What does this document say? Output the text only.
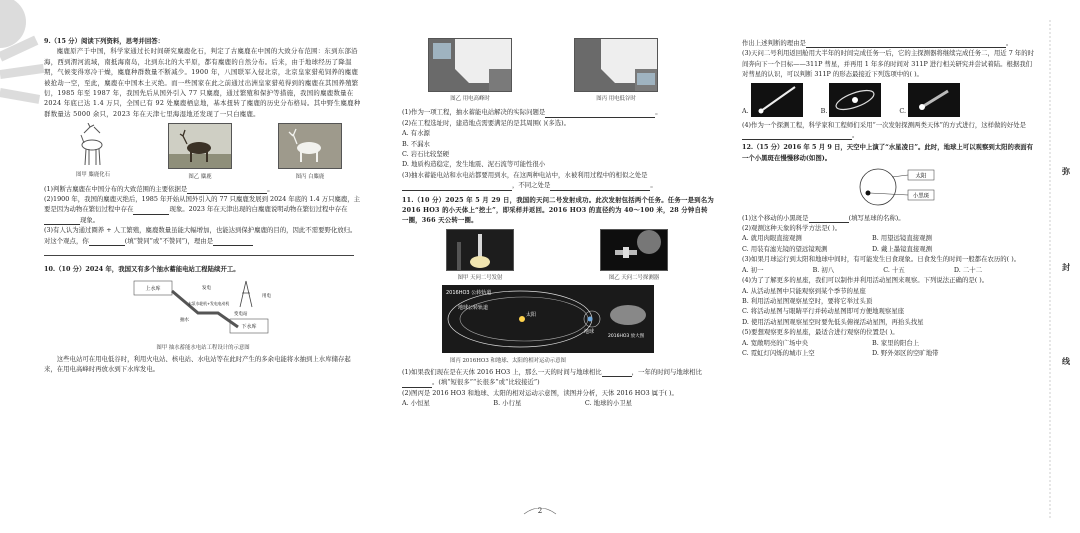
9.（15 分）阅读下列资料，思考并回答：

麋鹿原产于中国，科学家通过长时间研究麋鹿化石，判定了古麋鹿在中国的大致分布范围：东到东部沿海，西到渭河流域，南抵海南岛，北到东北的大平原，都有麋鹿的自然分布。后来，由于地球经历了降温期，气候变得寒冷干燥，麋鹿种群数量不断减少。1900 年，八国联军入侵北京，北京皇家猎苑饲养的麋鹿被抢劫一空，至此，麋鹿在中国本土灭绝。而一些国家在此之前通过出洲皇家猎苑得到的麋鹿在其国养殖繁衍，1985 年至 1987 年，我国先后从国外引入 77 只麋鹿，通过繁殖和保护等措施，我国的麋鹿数量在 2024 年底已达 1.4 万只，全国已有 92 处麋鹿栖息地，基本扭转了麋鹿的历史分布格局。其中野生麋鹿种群数量达 5000 余只，2023 年在天津七里海湿地还发现了一只白麋鹿。

图甲 麋鹿化石	图乙 麋鹿	图丙 白麋鹿

(1)判断古麋鹿在中国分布的大致范围的主要依据是	。

(2)1900 年，我国的麋鹿灭绝后，1985 年开始从国外引入的 77 只麋鹿发展到 2024 年底的 1.4 万只麋鹿，主要是因为动物在繁衍过程中存在	现象。2023 年在天津出现的白麋鹿说明动物在繁衍过程中存在现象。

(3)有人认为通过圈养 + 人工繁殖，麋鹿数量虽能大幅增加，也能达到保护麋鹿的目的，因此不需要野化放归。对这个观点，你	(填“赞同”或“不赞同”)，理由是

10.（10 分）2024 年，我国又有多个抽水蓄能电站工程陆续开工。

上水库
下水库
发电
抽水
水泵水轮机+发电电动机
变电站
用电
图甲 抽水蓄能水电站工程设计的示意图

这些电站可在用电低谷时，利用火电站、核电站、水电站等在此时产生的多余电能将水抽到上水库储存起来，在用电高峰时再放水到下水库发电。

图乙 用电高峰时	图丙 用电低谷时

(1)作为一项工程，抽水蓄能电站解决的实际问题是	。

(2)在工程选址时，建造地点需要满足的是其周围( )(多选)。

A. 有水源

B. 不漏水

C. 岩石比较坚硬

D. 地质构造稳定，发生地震、泥石流等可能性很小

(3)抽水蓄能电站和水电站都要用到水，在这两种电站中，水被利用过程中的相似之处是

，不同之处是	。

11.（10 分）2025 年 5 月 29 日，我国的天问二号发射成功。此次发射包括两个任务。任务一是到名为 2016 HO3 的小天体上“挖土”，即采样并返回。2016 HO3 的直径约为 40～100 米，28 分钟自转一圈，366 天公转一圈。

图甲 天问二号发射	图乙 天问二号探测器
2016HO3 公转轨道
地球公转轨道
太阳
地球
2016HO3 放大图
图丙 2016HO3 和地球、太阳的相对运动示意图

(1)如果我们现在是在天体 2016 HO3 上，那么一天的时间与地球相比	，一年的时间与地球相比。(填“短很多”“长很多”或“比较接近”)

(2)图丙是 2016 HO3 和地球、太阳的相对运动示意图，读图并分析，天体 2016 HO3 属于( )。

A. 小恒星	B. 小行星	C. 地球的小卫星
2

作出上述判断的理由是	。

(3)天问二号利用返回舱用大半年的时间完成任务一后，它的主探测器将继续完成任务二，用近 7 年的时间奔向下一个目标——311P 彗星，并再用 1 年多的时间对 311P 进行相关研究并尝试着陆。根据我们对彗星的认识，可以判断 311P 的形态最接近下列选项中的( )。

A.	B.	C.

(4)作为一个探测工程，科学家和工程师们采用“一次发射探测两类天体”的方式进行，这样做的好处是。

12.（15 分）2016 年 5 月 9 日，天空中上演了“水星凌日”。此时，地球上可以观察到太阳的表面有一个小黑斑在慢慢移动(如图)。

太阳
小黑斑

(1)这个移动的小黑斑是	(填写星球的名称)。

(2)观测这种天象的科学方法是( )。

A. 就用肉眼直接观测	B. 用望远镜直接观测
C. 用装有滤光镜的望远镜观测	D. 戴上墨镜直接观测

(3)如果月球运行到太阳和地球中间时，有可能发生日食现象。日食发生的时间一般都在农历的( )。

A. 初一	B. 初八	C. 十五	D. 二十二

(4)为了了解更多的星座，我们可以制作并利用活动星图来观察。下列说法正确的是( )。

A. 从活动星图中只能观察到某个季节的星座

B. 利用活动星图观察星空时，要将它举过头顶

C. 将活动星图与眼睛平行并转动星图即可方便地观察星座

D. 使用活动星图观察星空时要先低头俯视活动星图，再抬头找星

(5)要想观察更多的星座，最适合进行观察的位置是( )。

A. 宽敞明亮的广场中央	B. 家里的阳台上
C. 霓虹灯闪烁的城市上空	D. 野外郊区的空旷地带
弥
封
线
